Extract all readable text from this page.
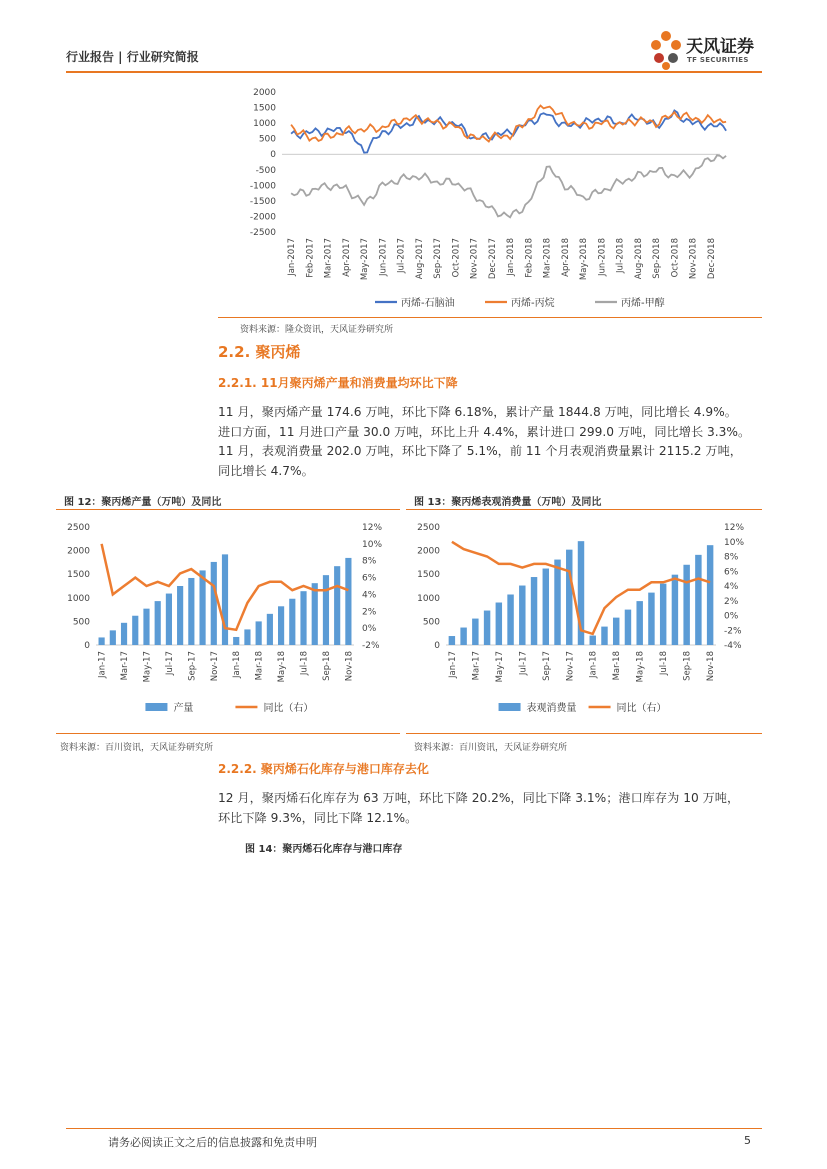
行业报告 | 行业研究简报	天风证券
TF SECURITIES
2000
1500
1000
500
0
-500
-1000
-1500
-2000
-2500
Jan-2017 Feb-2017 Mar-2017 Apr-2017 May-2017 Jun-2017 Jul-2017 Aug-2017 Sep-2017 Oct-2017 Nov-2017 Dec-2017 Jan-2018 Feb-2018 Mar-2018 Apr-2018 May-2018 Jun-2018 Jul-2018 Aug-2018 Sep-2018 Oct-2018 Nov-2018 Dec-2018
丙烯-石脑油	丙烯-丙烷	丙烯-甲醇
资料来源：隆众资讯，天风证券研究所
2.2. 聚丙烯
2.2.1. 11月聚丙烯产量和消费量均环比下降

11 月，聚丙烯产量 174.6 万吨，环比下降 6.18%，累计产量 1844.8 万吨，同比增长 4.9%。

进口方面，11 月进口产量 30.0 万吨，环比上升 4.4%，累计进口 299.0 万吨，同比增长 3.3%。

11 月，表观消费量 202.0 万吨，环比下降了 5.1%，前 11 个月表观消费量累计 2115.2 万吨，

同比增长 4.7%。

图 12：聚丙烯产量（万吨）及同比
2500
2000
1500
1000
500
0
12%
10%
8%
6%
4%
2%
0%
-2%
Jan-17 Mar-17 May-17 Jul-17 Sep-17 Nov-17 Jan-18 Mar-18 May-18 Jul-18 Sep-18 Nov-18
产量	同比（右）
资料来源：百川资讯，天风证券研究所
图 13：聚丙烯表观消费量（万吨）及同比
2500
2000
1500
1000
500
0
12%
10%
8%
6%
4%
2%
0%
-2%
-4%
Jan-17 Mar-17 May-17 Jul-17 Sep-17 Nov-17 Jan-18 Mar-18 May-18 Jul-18 Sep-18 Nov-18
表观消费量	同比（右）
资料来源：百川资讯，天风证券研究所
2.2.2. 聚丙烯石化库存与港口库存去化

12 月，聚丙烯石化库存为 63 万吨，环比下降 20.2%，同比下降 3.1%；港口库存为 10 万吨，

环比下降 9.3%，同比下降 12.1%。

图 14：聚丙烯石化库存与港口库存
请务必阅读正文之后的信息披露和免责申明	5
